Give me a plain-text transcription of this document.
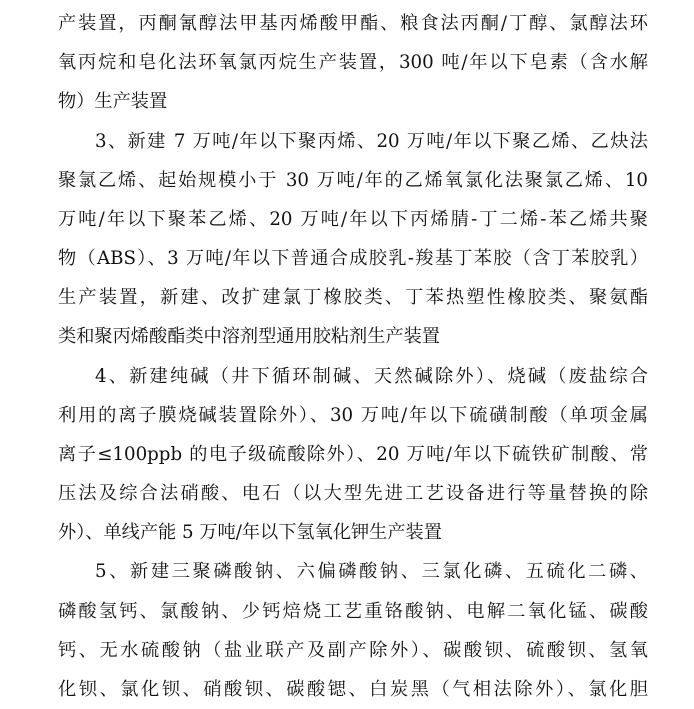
产装置，丙酮氰醇法甲基丙烯酸甲酯、粮食法丙酮/丁醇、氯醇法环
氧丙烷和皂化法环氧氯丙烷生产装置，300 吨/年以下皂素（含水解
物）生产装置
3、新建 7 万吨/年以下聚丙烯、20 万吨/年以下聚乙烯、乙炔法
聚氯乙烯、起始规模小于 30 万吨/年的乙烯氧氯化法聚氯乙烯、10
万吨/年以下聚苯乙烯、20 万吨/年以下丙烯腈-丁二烯-苯乙烯共聚
物（ABS）、3 万吨/年以下普通合成胶乳-羧基丁苯胶（含丁苯胶乳）
生产装置，新建、改扩建氯丁橡胶类、丁苯热塑性橡胶类、聚氨酯
类和聚丙烯酸酯类中溶剂型通用胶粘剂生产装置
4、新建纯碱（井下循环制碱、天然碱除外）、烧碱（废盐综合
利用的离子膜烧碱装置除外）、30 万吨/年以下硫磺制酸（单项金属
离子≤100ppb 的电子级硫酸除外）、20 万吨/年以下硫铁矿制酸、常
压法及综合法硝酸、电石（以大型先进工艺设备进行等量替换的除
外）、单线产能 5 万吨/年以下氢氧化钾生产装置
5、新建三聚磷酸钠、六偏磷酸钠、三氯化磷、五硫化二磷、
磷酸氢钙、氯酸钠、少钙焙烧工艺重铬酸钠、电解二氧化锰、碳酸
钙、无水硫酸钠（盐业联产及副产除外）、碳酸钡、硫酸钡、氢氧
化钡、氯化钡、硝酸钡、碳酸锶、白炭黑（气相法除外）、氯化胆
